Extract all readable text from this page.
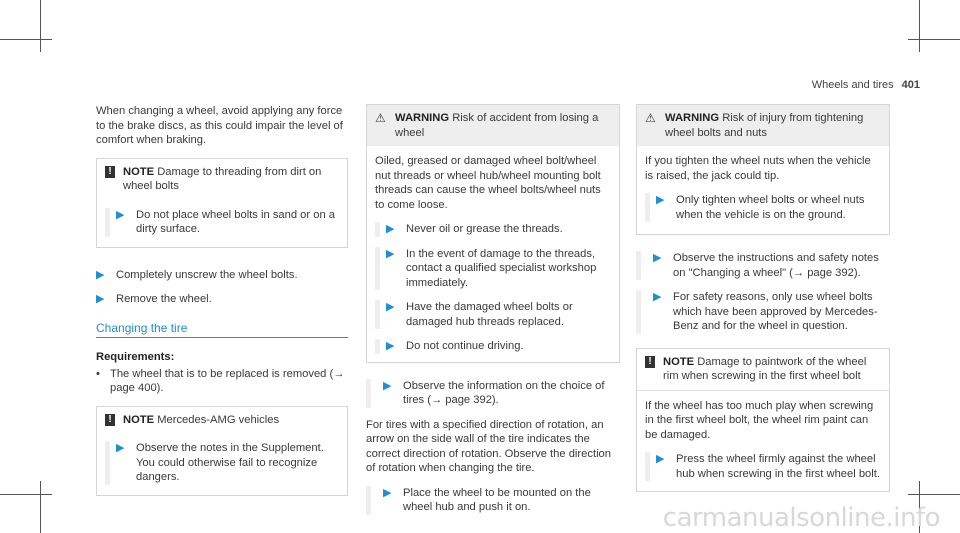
Wheels and tires 401
When changing a wheel, avoid applying any force to the brake discs, as this could impair the level of comfort when braking.
! NOTE Damage to threading from dirt on wheel bolts
▶ Do not place wheel bolts in sand or on a dirty surface.
▶ Completely unscrew the wheel bolts.
▶ Remove the wheel.
Changing the tire
Requirements:
• The wheel that is to be replaced is removed (→ page 400).
! NOTE Mercedes-AMG vehicles
▶ Observe the notes in the Supplement. You could otherwise fail to recognize dangers.
⚠ WARNING Risk of accident from losing a wheel
Oiled, greased or damaged wheel bolt/wheel nut threads or wheel hub/wheel mounting bolt threads can cause the wheel bolts/wheel nuts to come loose.
▶ Never oil or grease the threads.
▶ In the event of damage to the threads, contact a qualified specialist workshop immediately.
▶ Have the damaged wheel bolts or damaged hub threads replaced.
▶ Do not continue driving.
▶ Observe the information on the choice of tires (→ page 392).
For tires with a specified direction of rotation, an arrow on the side wall of the tire indicates the correct direction of rotation. Observe the direction of rotation when changing the tire.
▶ Place the wheel to be mounted on the wheel hub and push it on.
⚠ WARNING Risk of injury from tightening wheel bolts and nuts
If you tighten the wheel nuts when the vehicle is raised, the jack could tip.
▶ Only tighten wheel bolts or wheel nuts when the vehicle is on the ground.
▶ Observe the instructions and safety notes on "Changing a wheel" (→ page 392).
▶ For safety reasons, only use wheel bolts which have been approved by Mercedes-Benz and for the wheel in question.
! NOTE Damage to paintwork of the wheel rim when screwing in the first wheel bolt
If the wheel has too much play when screwing in the first wheel bolt, the wheel rim paint can be damaged.
▶ Press the wheel firmly against the wheel hub when screwing in the first wheel bolt.
carmanualsonline.info
